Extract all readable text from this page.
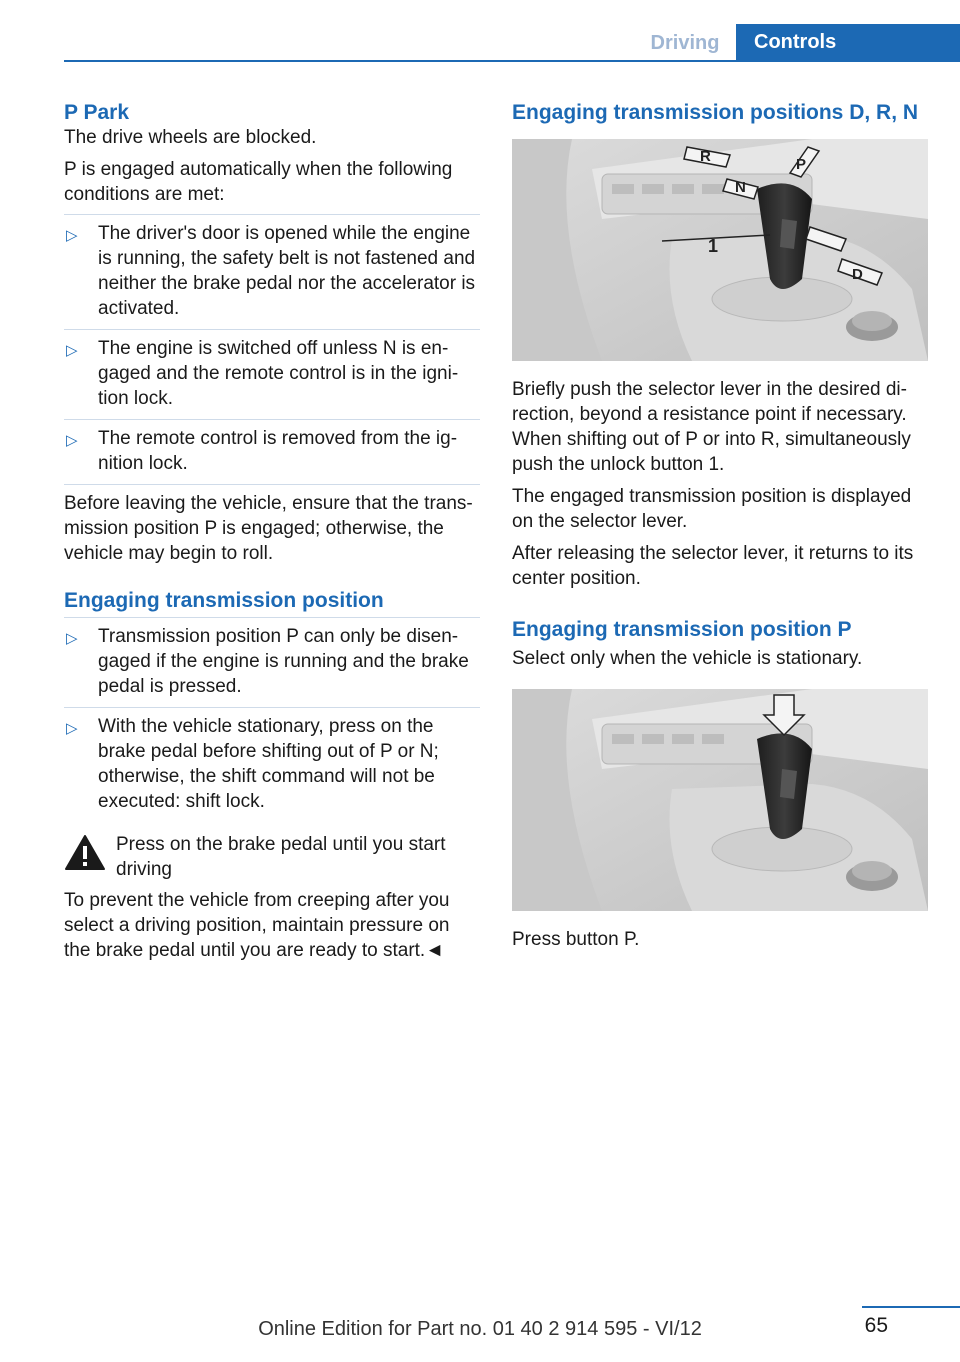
Driving	Controls
P Park

The drive wheels are blocked.

P is engaged automatically when the following conditions are met:

▷ The driver's door is opened while the engine is running, the safety belt is not fastened and neither the brake pedal nor the accelerator is activated.
▷ The engine is switched off unless N is en-gaged and the remote control is in the igni-tion lock.
▷ The remote control is removed from the ig-nition lock.

Before leaving the vehicle, ensure that the trans-mission position P is engaged; otherwise, the vehicle may begin to roll.

Engaging transmission position
▷ Transmission position P can only be disen-gaged if the engine is running and the brake pedal is pressed.
▷ With the vehicle stationary, press on the brake pedal before shifting out of P or N; otherwise, the shift command will not be executed: shift lock.
Press on the brake pedal until you start driving

To prevent the vehicle from creeping after you select a driving position, maintain pressure on the brake pedal until you are ready to start.◄

Engaging transmission positions D, R, N
1
R
N
P
D

Briefly push the selector lever in the desired di-rection, beyond a resistance point if necessary. When shifting out of P or into R, simultaneously push the unlock button 1.

The engaged transmission position is displayed on the selector lever.

After releasing the selector lever, it returns to its center position.

Engaging transmission position P

Select only when the vehicle is stationary.

Press button P.

65
Online Edition for Part no. 01 40 2 914 595 - VI/12
